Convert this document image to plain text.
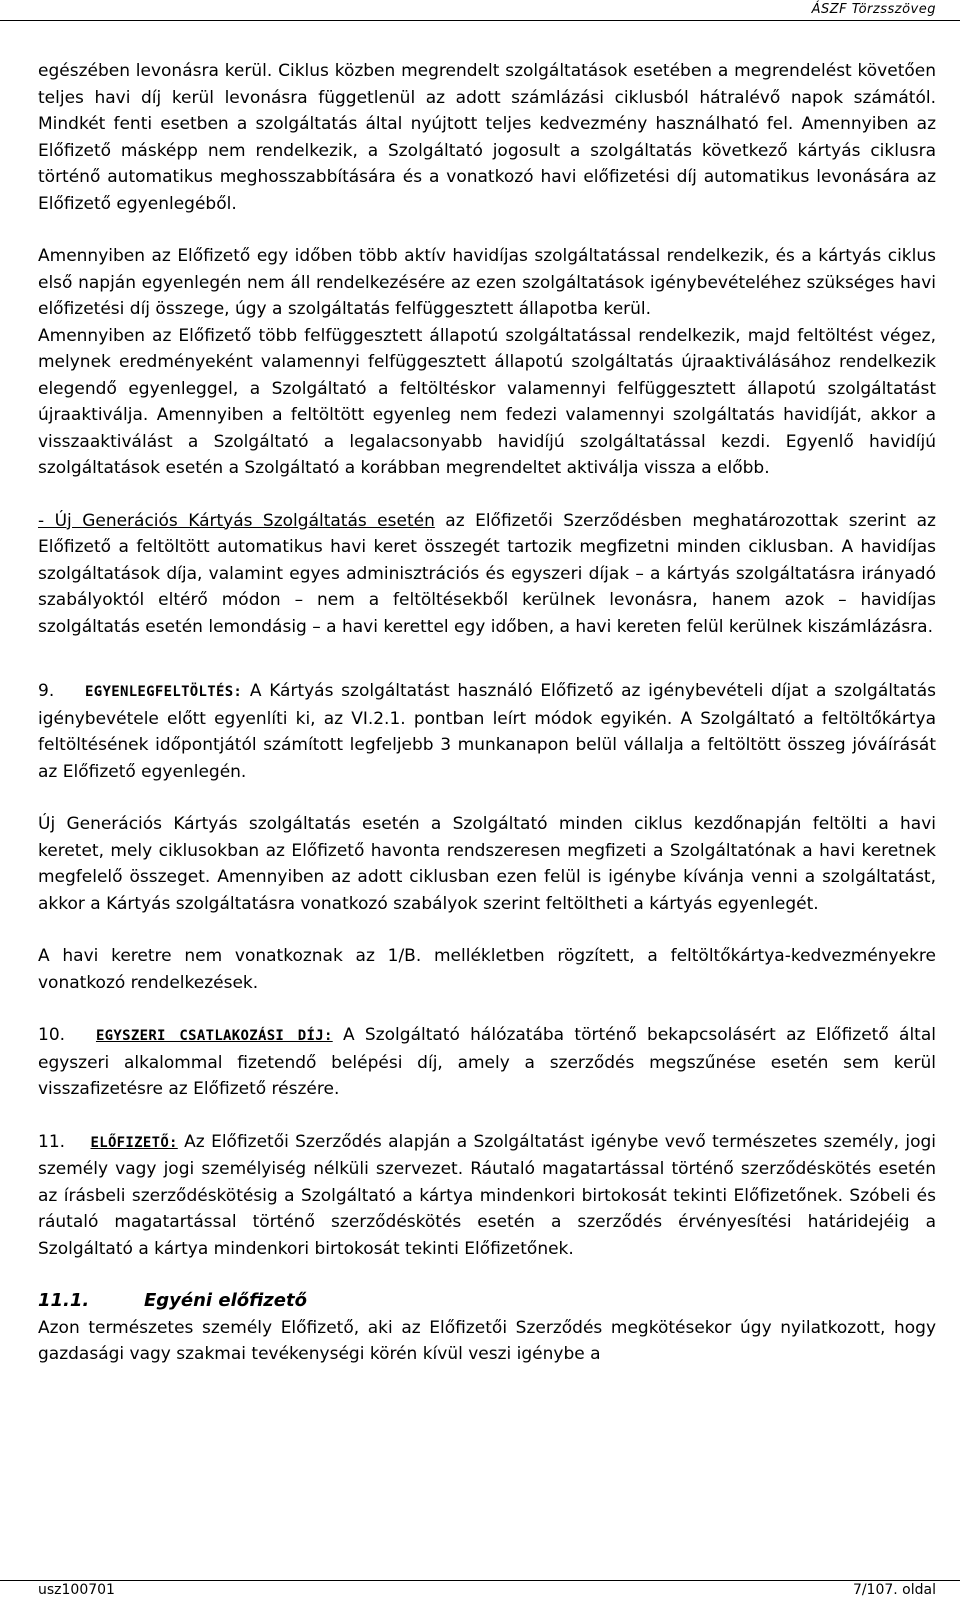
ÁSZF Törzsszöveg

egészében levonásra kerül. Ciklus közben megrendelt szolgáltatások esetében a megrendelést követően teljes havi díj kerül levonásra függetlenül az adott számlázási ciklusból hátralévő napok számától. Mindkét fenti esetben a szolgáltatás által nyújtott teljes kedvezmény használható fel. Amennyiben az Előfizető másképp nem rendelkezik, a Szolgáltató jogosult a szolgáltatás következő kártyás ciklusra történő automatikus meghosszabbítására és a vonatkozó havi előfizetési díj automatikus levonására az Előfizető egyenlegéből.

Amennyiben az Előfizető egy időben több aktív havidíjas szolgáltatással rendelkezik, és a kártyás ciklus első napján egyenlegén nem áll rendelkezésére az ezen szolgáltatások igénybevételéhez szükséges havi előfizetési díj összege, úgy a szolgáltatás felfüggesztett állapotba kerül.

Amennyiben az Előfizető több felfüggesztett állapotú szolgáltatással rendelkezik, majd feltöltést végez, melynek eredményeként valamennyi felfüggesztett állapotú szolgáltatás újraaktiválásához rendelkezik elegendő egyenleggel, a Szolgáltató a feltöltéskor valamennyi felfüggesztett állapotú szolgáltatást újraaktiválja. Amennyiben a feltöltött egyenleg nem fedezi valamennyi szolgáltatás havidíját, akkor a visszaaktiválást a Szolgáltató a legalacsonyabb havidíjú szolgáltatással kezdi. Egyenlő havidíjú szolgáltatások esetén a Szolgáltató a korábban megrendeltet aktiválja vissza a előbb.

- Új Generációs Kártyás Szolgáltatás esetén az Előfizetői Szerződésben meghatározottak szerint az Előfizető a feltöltött automatikus havi keret összegét tartozik megfizetni minden ciklusban. A havidíjas szolgáltatások díja, valamint egyes adminisztrációs és egyszeri díjak – a kártyás szolgáltatásra irányadó szabályoktól eltérő módon – nem a feltöltésekből kerülnek levonásra, hanem azok – havidíjas szolgáltatás esetén lemondásig – a havi kerettel egy időben, a havi kereten felül kerülnek kiszámlázásra.

9. EGYENLEGFELTÖLTÉS: A Kártyás szolgáltatást használó Előfizető az igénybevételi díjat a szolgáltatás igénybevétele előtt egyenlíti ki, az VI.2.1. pontban leírt módok egyikén. A Szolgáltató a feltöltőkártya feltöltésének időpontjától számított legfeljebb 3 munkanapon belül vállalja a feltöltött összeg jóváírását az Előfizető egyenlegén.

Új Generációs Kártyás szolgáltatás esetén a Szolgáltató minden ciklus kezdőnapján feltölti a havi keretet, mely ciklusokban az Előfizető havonta rendszeresen megfizeti a Szolgáltatónak a havi keretnek megfelelő összeget. Amennyiben az adott ciklusban ezen felül is igénybe kívánja venni a szolgáltatást, akkor a Kártyás szolgáltatásra vonatkozó szabályok szerint feltöltheti a kártyás egyenlegét.

A havi keretre nem vonatkoznak az 1/B. mellékletben rögzített, a feltöltőkártya-kedvezményekre vonatkozó rendelkezések.

10. EGYSZERI CSATLAKOZÁSI DÍJ: A Szolgáltató hálózatába történő bekapcsolásért az Előfizető által egyszeri alkalommal fizetendő belépési díj, amely a szerződés megszűnése esetén sem kerül visszafizetésre az Előfizető részére.

11. ELŐFIZETŐ: Az Előfizetői Szerződés alapján a Szolgáltatást igénybe vevő természetes személy, jogi személy vagy jogi személyiség nélküli szervezet. Ráutaló magatartással történő szerződéskötés esetén az írásbeli szerződéskötésig a Szolgáltató a kártya mindenkori birtokosát tekinti Előfizetőnek. Szóbeli és ráutaló magatartással történő szerződéskötés esetén a szerződés érvényesítési határidejéig a Szolgáltató a kártya mindenkori birtokosát tekinti Előfizetőnek.

11.1.	Egyéni előfizető

Azon természetes személy Előfizető, aki az Előfizetői Szerződés megkötésekor úgy nyilatkozott, hogy gazdasági vagy szakmai tevékenységi körén kívül veszi igénybe a

usz100701	7/107. oldal
